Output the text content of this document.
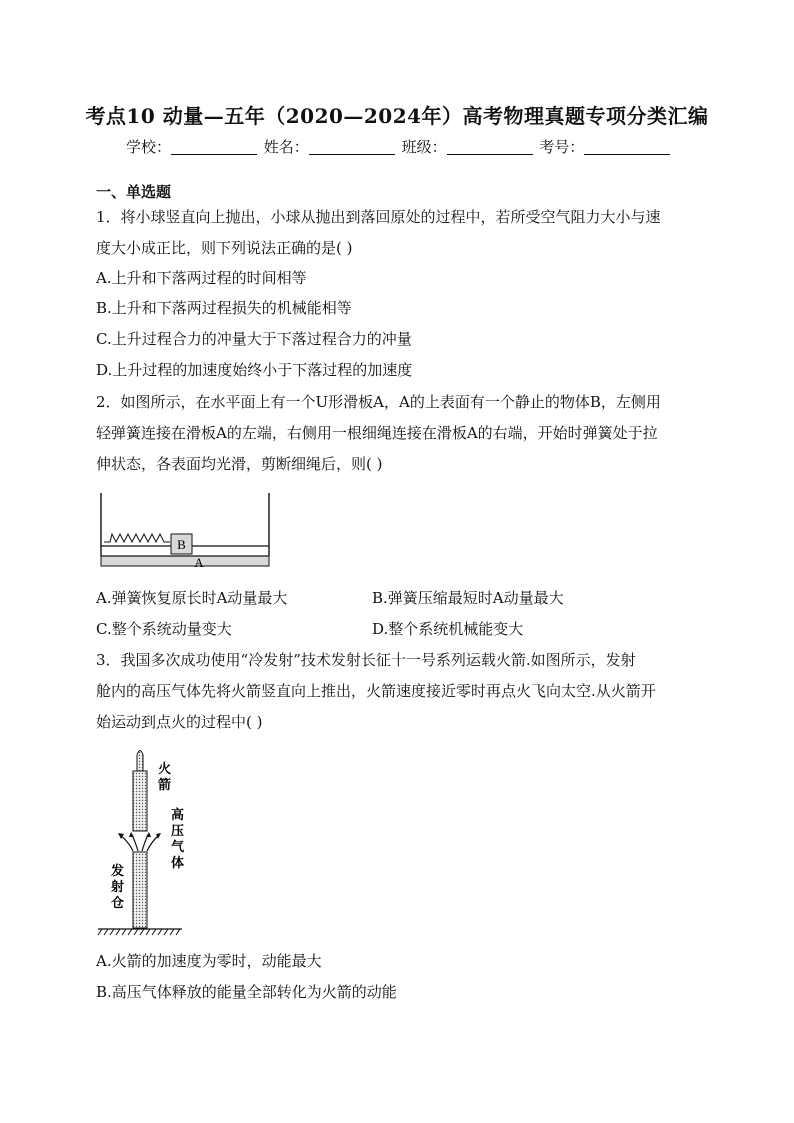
考点10 动量—五年（2020—2024年）高考物理真题专项分类汇编
学校：	姓名：	班级：	考号：
一、单选题
1．将小球竖直向上抛出，小球从抛出到落回原处的过程中，若所受空气阻力大小与速
度大小成正比，则下列说法正确的是( )
A.上升和下落两过程的时间相等
B.上升和下落两过程损失的机械能相等
C.上升过程合力的冲量大于下落过程合力的冲量
D.上升过程的加速度始终小于下落过程的加速度
2．如图所示，在水平面上有一个U形滑板A，A的上表面有一个静止的物体B，左侧用
轻弹簧连接在滑板A的左端，右侧用一根细绳连接在滑板A的右端，开始时弹簧处于拉
伸状态，各表面均光滑，剪断细绳后，则( )
B
A
A.弹簧恢复原长时A动量最大	B.弹簧压缩最短时A动量最大
C.整个系统动量变大	D.整个系统机械能变大
3．我国多次成功使用“冷发射”技术发射长征十一号系列运载火箭.如图所示，发射
舱内的高压气体先将火箭竖直向上推出，火箭速度接近零时再点火飞向太空.从火箭开
始运动到点火的过程中( )
火箭
高压气体
发射仓
A.火箭的加速度为零时，动能最大
B.高压气体释放的能量全部转化为火箭的动能
